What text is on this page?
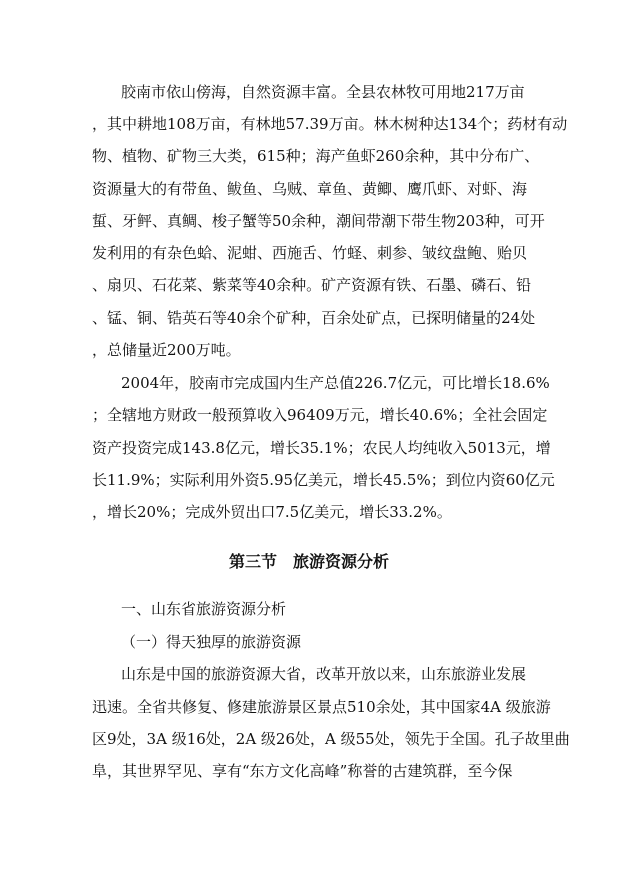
胶南市依山傍海，自然资源丰富。全县农林牧可用地217万亩
，其中耕地108万亩，有林地57.39万亩。林木树种达134个；药材有动
物、植物、矿物三大类，615种；海产鱼虾260余种，其中分布广、
资源量大的有带鱼、鲅鱼、乌贼、章鱼、黄鲫、鹰爪虾、对虾、海
蜇、牙鲆、真鲷、梭子蟹等50余种，潮间带潮下带生物203种，可开
发利用的有杂色蛤、泥蚶、西施舌、竹蛏、刺参、皱纹盘鲍、贻贝
、扇贝、石花菜、紫菜等40余种。矿产资源有铁、石墨、磷石、铅
、锰、铜、锆英石等40余个矿种，百余处矿点，已探明储量的24处
，总储量近200万吨。
2004年，胶南市完成国内生产总值226.7亿元，可比增长18.6%
；全辖地方财政一般预算收入96409万元，增长40.6%；全社会固定
资产投资完成143.8亿元，增长35.1%；农民人均纯收入5013元，增
长11.9%；实际利用外资5.95亿美元，增长45.5%；到位内资60亿元
，增长20%；完成外贸出口7.5亿美元，增长33.2%。
第三节　旅游资源分析
一、山东省旅游资源分析
（一）得天独厚的旅游资源
山东是中国的旅游资源大省，改革开放以来，山东旅游业发展
迅速。全省共修复、修建旅游景区景点510余处，其中国家4A 级旅游
区9处，3A 级16处，2A 级26处，A 级55处，领先于全国。孔子故里曲
阜，其世界罕见、享有“东方文化高峰”称誉的古建筑群，至今保
